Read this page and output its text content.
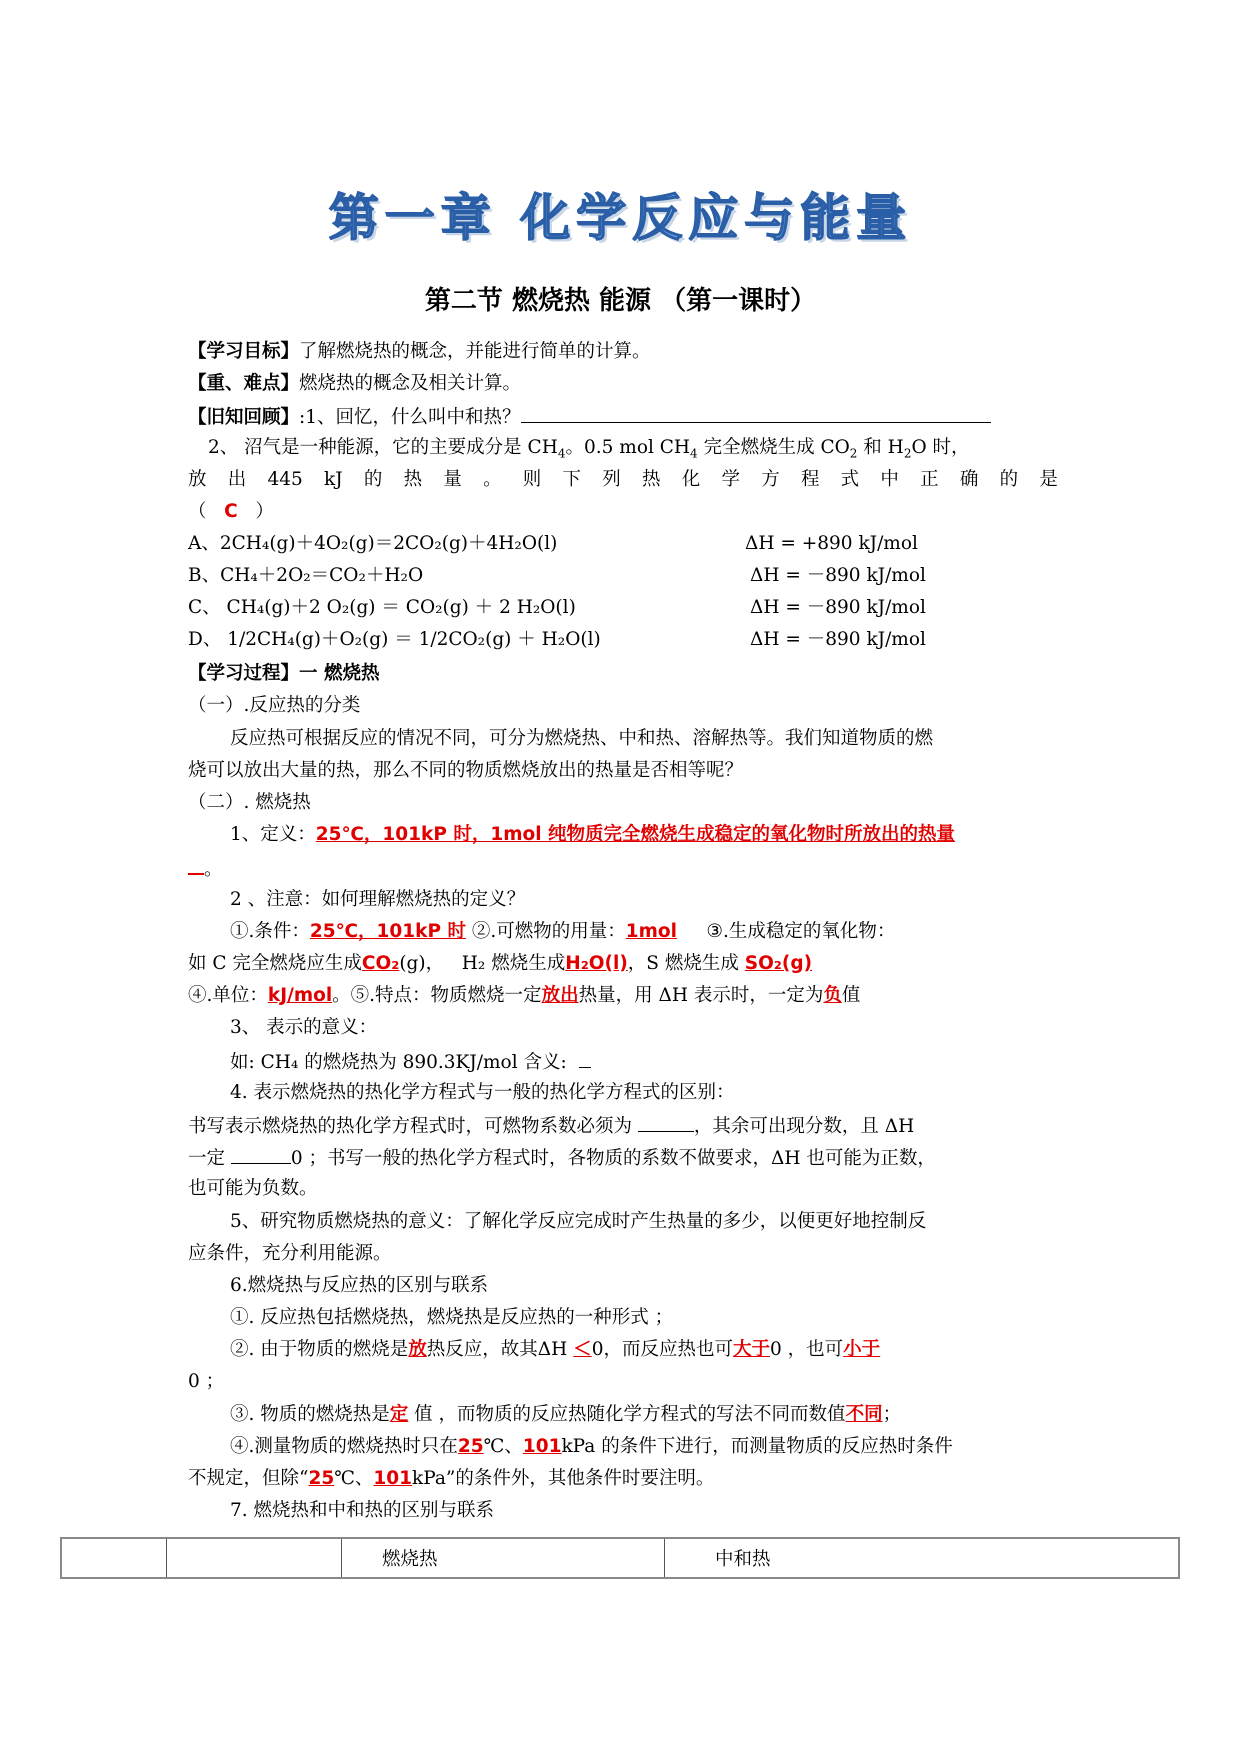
第一章 化学反应与能量
第二节 燃烧热 能源 （第一课时）
【学习目标】了解燃烧热的概念，并能进行简单的计算。
【重、难点】燃烧热的概念及相关计算。
【旧知回顾】:1、回忆，什么叫中和热？
2、 沼气是一种能源，它的主要成分是 $CH_4$。0.5 mol $CH_4$ 完全燃烧生成 $CO_2$ 和 $H_2O$ 时，
放 出 445 kJ 的 热 量 。 则 下 列 热 化 学 方 程 式 中 正 确 的 是
（ C ）
A、2CH₄(g)＋4O₂(g)＝2CO₂(g)＋4H₂O(l)	ΔH = +890 kJ/mol
B、CH₄＋2O₂＝CO₂＋H₂O	ΔH = －890 kJ/mol
C、 CH₄(g)＋2 O₂(g) ＝ CO₂(g) ＋ 2 H₂O(l)	ΔH = －890 kJ/mol
D、 1/2CH₄(g)＋O₂(g) ＝ 1/2CO₂(g) ＋ H₂O(l)	ΔH = －890 kJ/mol
【学习过程】一 燃烧热
（一）.反应热的分类
反应热可根据反应的情况不同，可分为燃烧热、中和热、溶解热等。我们知道物质的燃
烧可以放出大量的热，那么不同的物质燃烧放出的热量是否相等呢？
（二）. 燃烧热
1、定义：25℃，101kP 时，1mol 纯物质完全燃烧生成稳定的氧化物时所放出的热量
。
2 、注意：如何理解燃烧热的定义？
①.条件：25℃，101kP 时 ②.可燃物的用量：1mol ③.生成稳定的氧化物：
如 C 完全燃烧应生成CO₂(g)， H₂ 燃烧生成H₂O(l)，S 燃烧生成 SO₂(g)
④.单位：kJ/mol。⑤.特点：物质燃烧一定放出热量，用 ΔH 表示时，一定为负值
3、 表示的意义：
如: CH₄ 的燃烧热为 890.3KJ/mol 含义:
4. 表示燃烧热的热化学方程式与一般的热化学方程式的区别：
书写表示燃烧热的热化学方程式时，可燃物系数必须为	，其余可出现分数，且 ΔH
一定	0 ；书写一般的热化学方程式时，各物质的系数不做要求，ΔH 也可能为正数，
也可能为负数。
5、研究物质燃烧热的意义：了解化学反应完成时产生热量的多少，以便更好地控制反
应条件，充分利用能源。
6.燃烧热与反应热的区别与联系
①. 反应热包括燃烧热，燃烧热是反应热的一种形式 ；
②. 由于物质的燃烧是放热反应，故其ΔH ＜0，而反应热也可大于0 ，也可小于
0 ；
③. 物质的燃烧热是定 值 ，而物质的反应热随化学方程式的写法不同而数值不同；
④.测量物质的燃烧热时只在25℃、101kPa 的条件下进行，而测量物质的反应热时条件
不规定，但除“25℃、101kPa”的条件外，其他条件时要注明。
7. 燃烧热和中和热的区别与联系
		燃烧热	中和热
